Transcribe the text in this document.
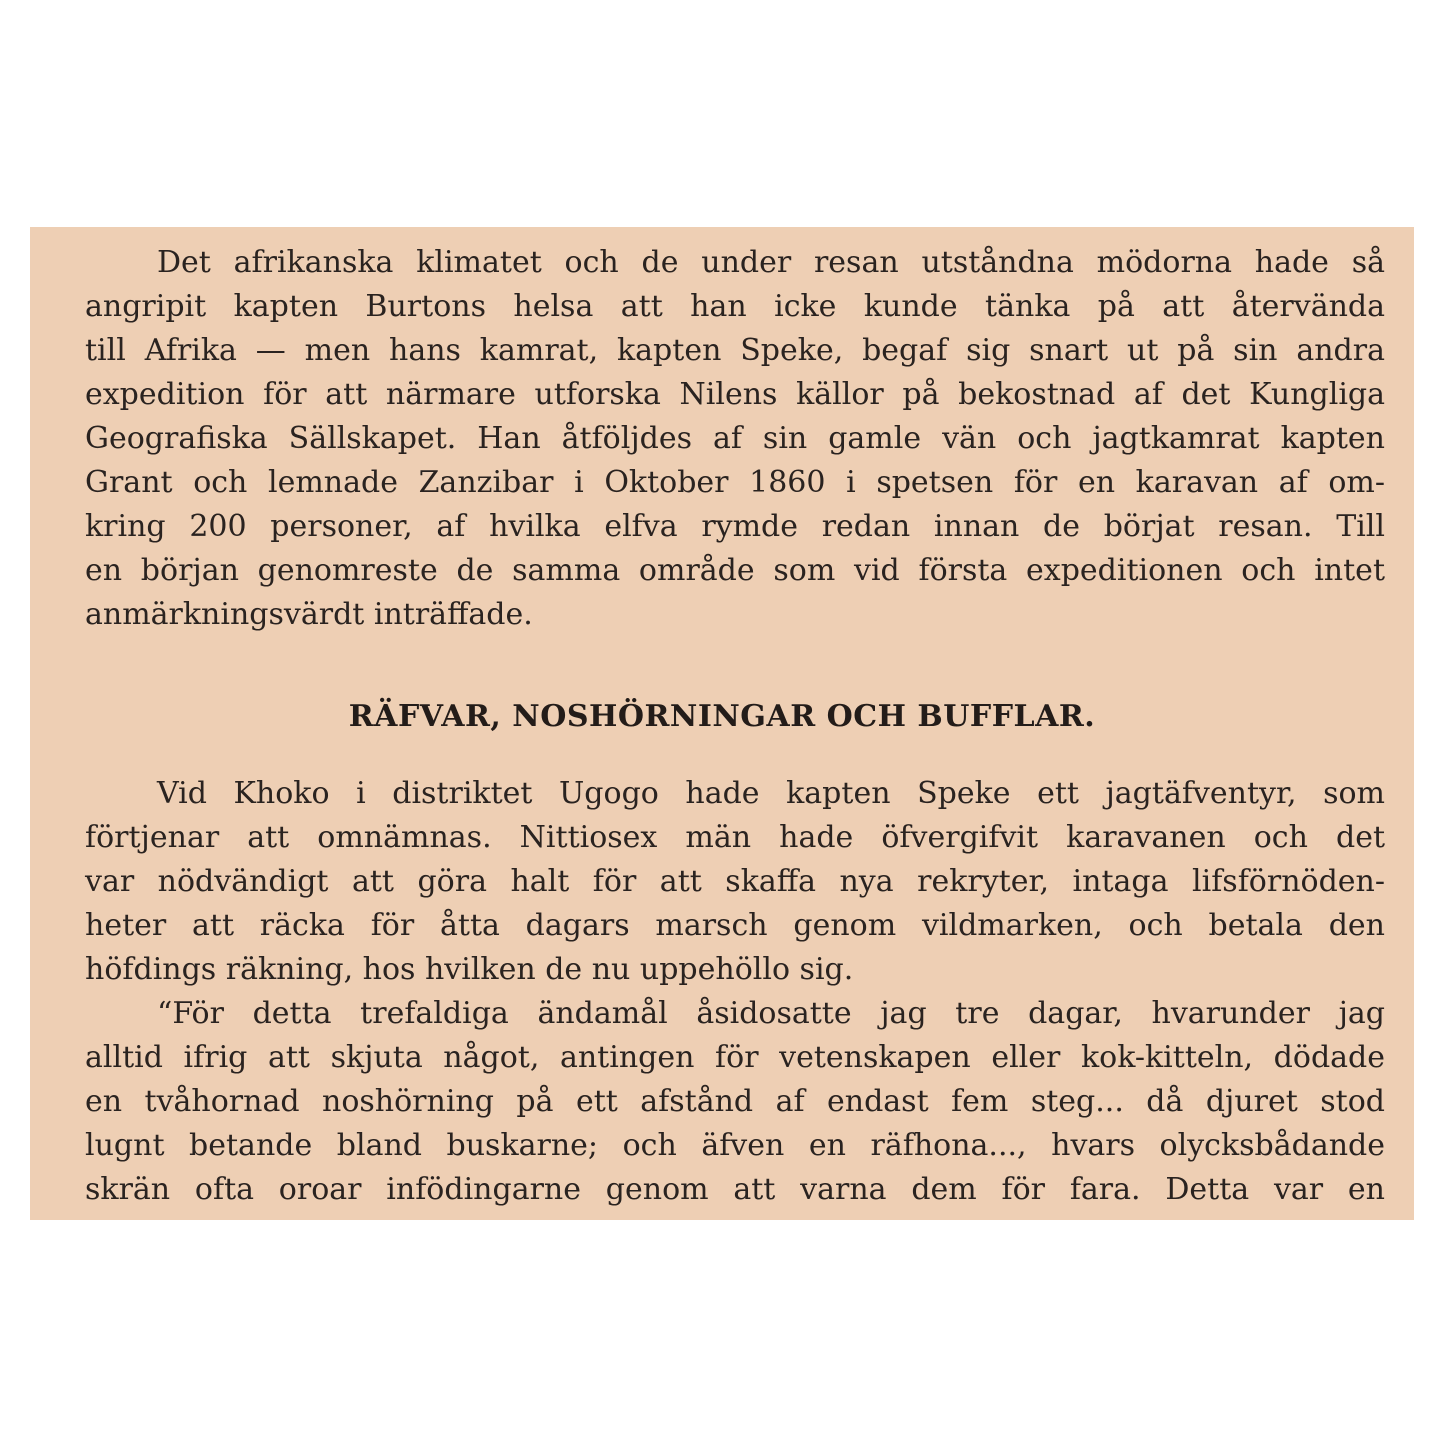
Det afrikanska klimatet och de under resan utståndna mödorna hade så
angripit kapten Burtons helsa att han icke kunde tänka på att återvända
till Afrika — men hans kamrat, kapten Speke, begaf sig snart ut på sin andra
expedition för att närmare utforska Nilens källor på bekostnad af det Kungliga
Geografiska Sällskapet. Han åtföljdes af sin gamle vän och jagtkamrat kapten
Grant och lemnade Zanzibar i Oktober 1860 i spetsen för en karavan af om-
kring 200 personer, af hvilka elfva rymde redan innan de börjat resan. Till
en början genomreste de samma område som vid första expeditionen och intet
anmärkningsvärdt inträffade.
RÄFVAR, NOSHÖRNINGAR OCH BUFFLAR.
Vid Khoko i distriktet Ugogo hade kapten Speke ett jagtäfventyr, som
förtjenar att omnämnas. Nittiosex män hade öfvergifvit karavanen och det
var nödvändigt att göra halt för att skaffa nya rekryter, intaga lifsförnöden-
heter att räcka för åtta dagars marsch genom vildmarken, och betala den
höfdings räkning, hos hvilken de nu uppehöllo sig.
“För detta trefaldiga ändamål åsidosatte jag tre dagar, hvarunder jag
alltid ifrig att skjuta något, antingen för vetenskapen eller kok-kitteln, dödade
en tvåhornad noshörning på ett afstånd af endast fem steg... då djuret stod
lugnt betande bland buskarne; och äfven en räfhona..., hvars olycksbådande
skrän ofta oroar infödingarne genom att varna dem för fara. Detta var en
